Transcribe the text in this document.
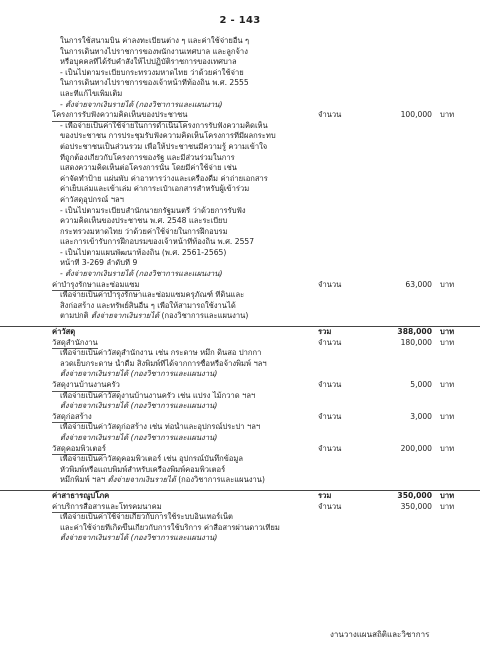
2 - 143
ในการใช้สนามบิน ค่าลงทะเบียนต่าง ๆ และค่าใช้จ่ายอื่น ๆ
ในการเดินทางไปราชการของพนักงานเทศบาล และลูกจ้าง
หรือบุคคลที่ได้รับคำสั่งให้ไปปฏิบัติราชการของเทศบาล
- เป็นไปตามระเบียบกระทรวงมหาดไทย ว่าด้วยค่าใช้จ่าย
ในการเดินทางไปราชการของเจ้าหน้าที่ท้องถิ่น พ.ศ. 2555
และที่แก้ไขเพิ่มเติม
- ตั้งจ่ายจากเงินรายได้ (กองวิชาการและแผนงาน)
โครงการรับฟังความคิดเห็นของประชาชน	จำนวน	100,000 บาท
- เพื่อจ่ายเป็นค่าใช้จ่ายในการดำเนินโครงการรับฟังความคิดเห็น
ของประชาชน การประชุมรับฟังความคิดเห็นโครงการที่มีผลกระทบ
ต่อประชาชนเป็นส่วนรวม เพื่อให้ประชาชนมีความรู้ ความเข้าใจ
ที่ถูกต้องเกี่ยวกับโครงการของรัฐ และมีส่วนร่วมในการ
แสดงความคิดเห็นต่อโครงการนั้น โดยมีค่าใช้จ่าย เช่น
ค่าจัดทำป้าย แผ่นพับ ค่าอาหารว่างและเครื่องดื่ม ค่าถ่ายเอกสาร
ค่าเย็บเล่มและเข้าเล่ม ค่าการะเป๋าเอกสารสำหรับผู้เข้าร่วม
ค่าวัสดุอุปกรณ์ ฯลฯ
- เป็นไปตามระเบียบสำนักนายกรัฐมนตรี ว่าด้วยการรับฟัง
ความคิดเห็นของประชาชน พ.ศ. 2548 และระเบียบ
กระทรวงมหาดไทย ว่าด้วยค่าใช้จ่ายในการฝึกอบรม
และการเข้ารับการฝึกอบรมของเจ้าหน้าที่ท้องถิ่น พ.ศ. 2557
- เป็นไปตามแผนพัฒนาท้องถิ่น (พ.ศ. 2561-2565)
หน้าที่ 3-269 ลำดับที่ 9
- ตั้งจ่ายจากเงินรายได้ (กองวิชาการและแผนงาน)
ค่าบำรุงรักษาและซ่อมแซม	จำนวน	63,000 บาท
เพื่อจ่ายเป็นค่าบำรุงรักษาและซ่อมแซมครุภัณฑ์ ที่ดินและ
สิ่งก่อสร้าง และทรัพย์สินอื่น ๆ เพื่อให้สามารถใช้งานได้
ตามปกติ ตั้งจ่ายจากเงินรายได้ (กองวิชาการและแผนงาน)
ค่าวัสดุ	รวม	388,000 บาท
วัสดุสำนักงาน	จำนวน	180,000 บาท
เพื่อจ่ายเป็นค่าวัสดุสำนักงาน เช่น กระดาษ หมึก ดินสอ ปากกา
ลวดเย็บกระดาษ น้ำดื่ม สิ่งพิมพ์ที่ได้จากการซื้อหรือจ้างพิมพ์ ฯลฯ
ตั้งจ่ายจากเงินรายได้ (กองวิชาการและแผนงาน)
วัสดุงานบ้านงานครัว	จำนวน	5,000 บาท
เพื่อจ่ายเป็นค่าวัสดุงานบ้านงานครัว เช่น แปรง ไม้กวาด ฯลฯ
ตั้งจ่ายจากเงินรายได้ (กองวิชาการและแผนงาน)
วัสดุก่อสร้าง	จำนวน	3,000 บาท
เพื่อจ่ายเป็นค่าวัสดุก่อสร้าง เช่น ท่อน้ำและอุปกรณ์ประปา ฯลฯ
ตั้งจ่ายจากเงินรายได้ (กองวิชาการและแผนงาน)
วัสดุคอมพิวเตอร์	จำนวน	200,000 บาท
เพื่อจ่ายเป็นค่าวัสดุคอมพิวเตอร์ เช่น อุปกรณ์บันทึกข้อมูล
หัวพิมพ์หรือแถบพิมพ์สำหรับเครื่องพิมพ์คอมพิวเตอร์
หมึกพิมพ์ ฯลฯ ตั้งจ่ายจากเงินรายได้ (กองวิชาการและแผนงาน)
ค่าสาธารณูปโภค	รวม	350,000 บาท
ค่าบริการสื่อสารและโทรคมนาคม	จำนวน	350,000 บาท
เพื่อจ่ายเป็นค่าใช้จ่ายเกี่ยวกับการใช้ระบบอินเทอร์เน็ต
และค่าใช้จ่ายที่เกิดขึ้นเกี่ยวกับการใช้บริการ ค่าสื่อสารผ่านดาวเทียม
ตั้งจ่ายจากเงินรายได้ (กองวิชาการและแผนงาน)
งานวางแผนสถิติและวิชาการ
